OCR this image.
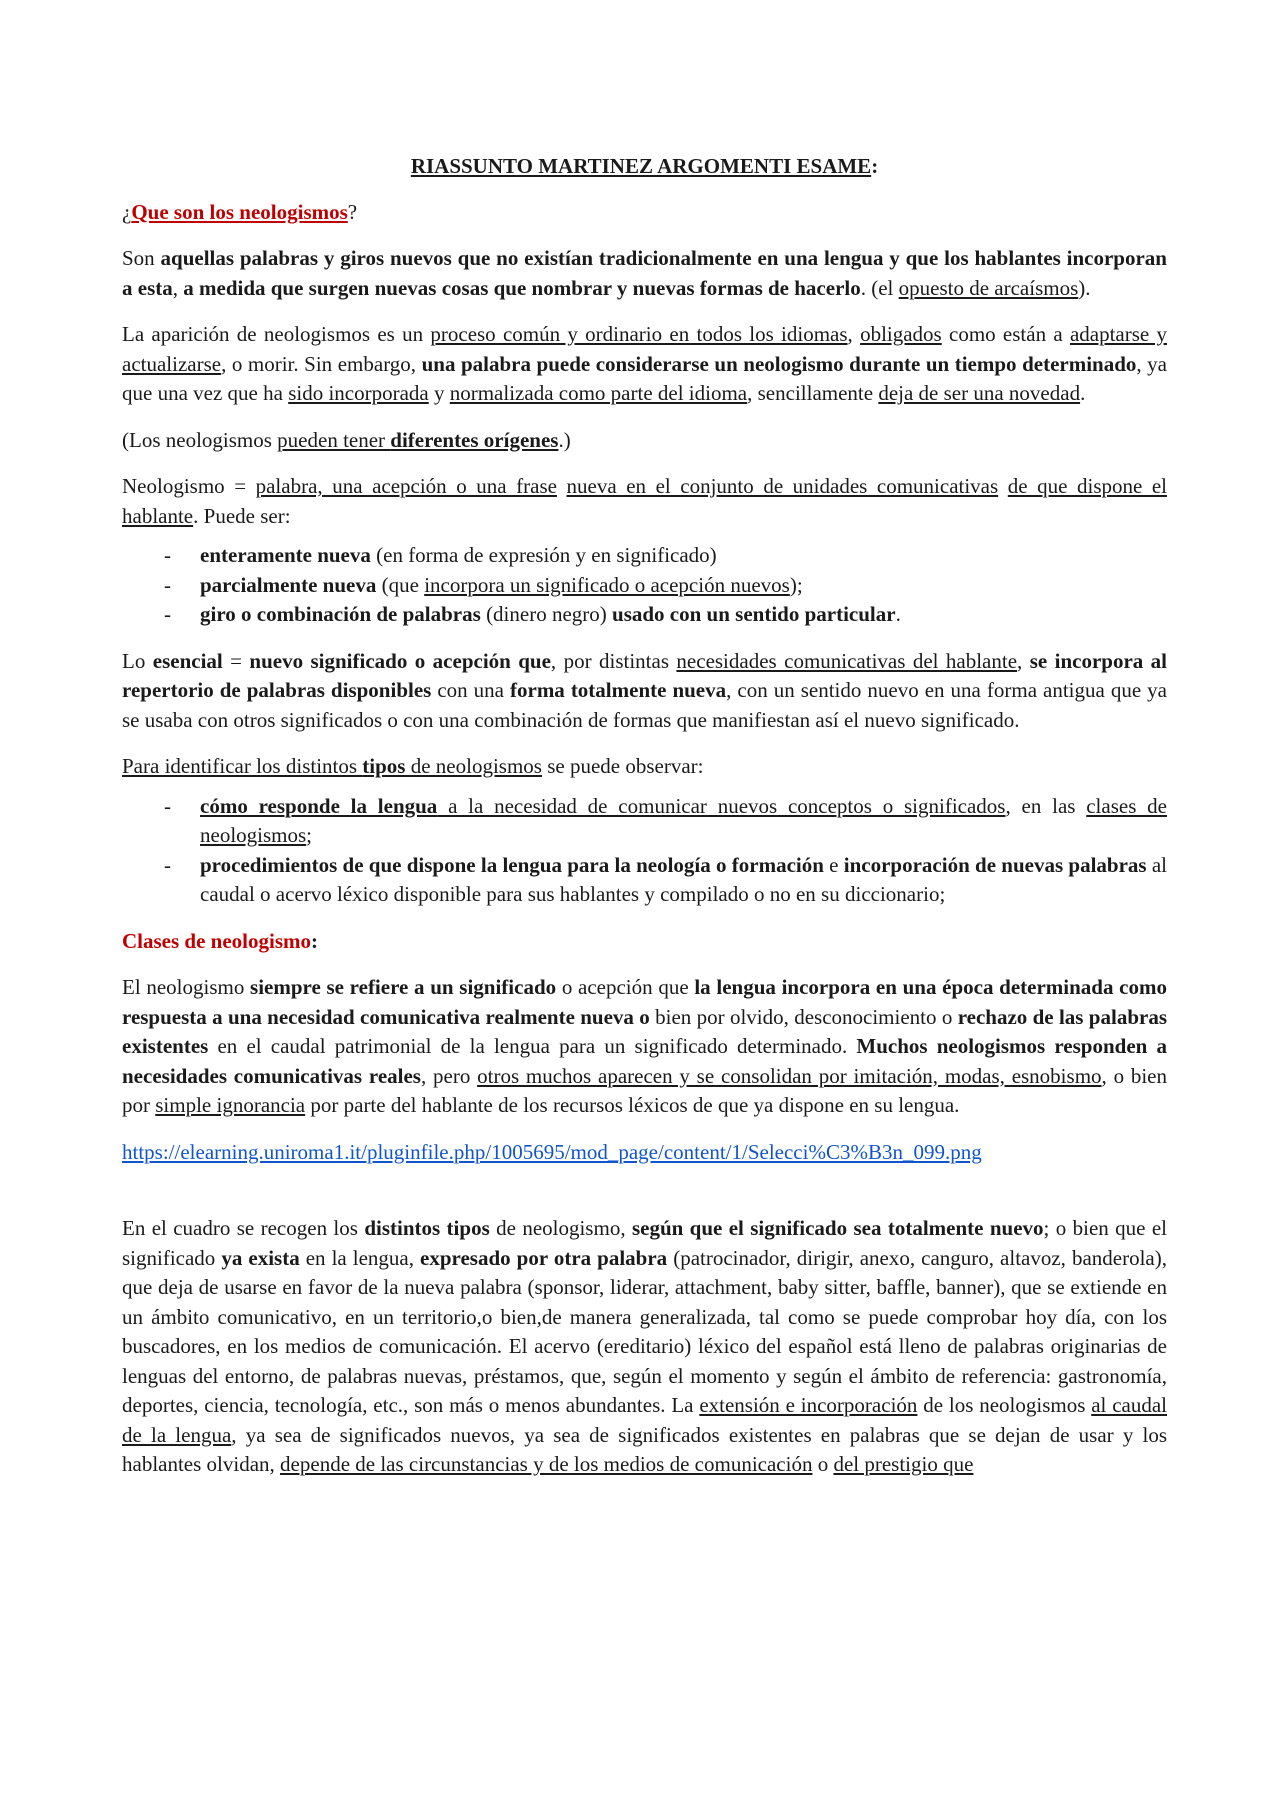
RIASSUNTO MARTINEZ ARGOMENTI ESAME:

¿Que son los neologismos?

Son aquellas palabras y giros nuevos que no existían tradicionalmente en una lengua y que los hablantes incorporan a esta, a medida que surgen nuevas cosas que nombrar y nuevas formas de hacerlo. (el opuesto de arcaísmos).

La aparición de neologismos es un proceso común y ordinario en todos los idiomas, obligados como están a adaptarse y actualizarse, o morir. Sin embargo, una palabra puede considerarse un neologismo durante un tiempo determinado, ya que una vez que ha sido incorporada y normalizada como parte del idioma, sencillamente deja de ser una novedad.

(Los neologismos pueden tener diferentes orígenes.)

Neologismo = palabra, una acepción o una frase nueva en el conjunto de unidades comunicativas de que dispone el hablante. Puede ser:

- enteramente nueva (en forma de expresión y en significado)
- parcialmente nueva (que incorpora un significado o acepción nuevos);
- giro o combinación de palabras (dinero negro) usado con un sentido particular.

Lo esencial = nuevo significado o acepción que, por distintas necesidades comunicativas del hablante, se incorpora al repertorio de palabras disponibles con una forma totalmente nueva, con un sentido nuevo en una forma antigua que ya se usaba con otros significados o con una combinación de formas que manifiestan así el nuevo significado.

Para identificar los distintos tipos de neologismos se puede observar:

- cómo responde la lengua a la necesidad de comunicar nuevos conceptos o significados, en las clases de neologismos;
- procedimientos de que dispone la lengua para la neología o formación e incorporación de nuevas palabras al caudal o acervo léxico disponible para sus hablantes y compilado o no en su diccionario;

Clases de neologismo:

El neologismo siempre se refiere a un significado o acepción que la lengua incorpora en una época determinada como respuesta a una necesidad comunicativa realmente nueva o bien por olvido, desconocimiento o rechazo de las palabras existentes en el caudal patrimonial de la lengua para un significado determinado. Muchos neologismos responden a necesidades comunicativas reales, pero otros muchos aparecen y se consolidan por imitación, modas, esnobismo, o bien por simple ignorancia por parte del hablante de los recursos léxicos de que ya dispone en su lengua.

https://elearning.uniroma1.it/pluginfile.php/1005695/mod_page/content/1/Selecci%C3%B3n_099.png

En el cuadro se recogen los distintos tipos de neologismo, según que el significado sea totalmente nuevo; o bien que el significado ya exista en la lengua, expresado por otra palabra (patrocinador, dirigir, anexo, canguro, altavoz, banderola), que deja de usarse en favor de la nueva palabra (sponsor, liderar, attachment, baby sitter, baffle, banner), que se extiende en un ámbito comunicativo, en un territorio,o bien,de manera generalizada, tal como se puede comprobar hoy día, con los buscadores, en los medios de comunicación. El acervo (ereditario) léxico del español está lleno de palabras originarias de lenguas del entorno, de palabras nuevas, préstamos, que, según el momento y según el ámbito de referencia: gastronomía, deportes, ciencia, tecnología, etc., son más o menos abundantes. La extensión e incorporación de los neologismos al caudal de la lengua, ya sea de significados nuevos, ya sea de significados existentes en palabras que se dejan de usar y los hablantes olvidan, depende de las circunstancias y de los medios de comunicación o del prestigio que
